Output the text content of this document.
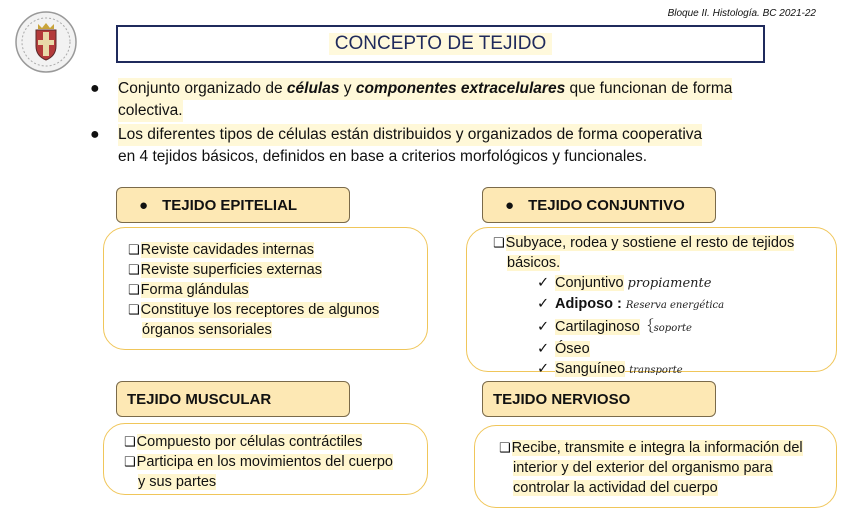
Bloque II. Histología. BC 2021-22
CONCEPTO DE TEJIDO
●	Conjunto organizado de células y componentes extracelulares que funcionan de forma
colectiva.
●	Los diferentes tipos de células están distribuidos y organizados de forma cooperativa
en 4 tejidos básicos, definidos en base a criterios morfológicos y funcionales.
● TEJIDO EPITELIAL
❑Reviste cavidades internas
❑Reviste superficies externas
❑Forma glándulas
❑Constituye los receptores de algunos
órganos sensoriales
● TEJIDO CONJUNTIVO
❑Subyace, rodea y sostiene el resto de tejidos
básicos.
✓ Conjuntivo propiamente
✓ Adiposo : Reserva energética
✓ Cartilaginoso｛soporte
✓ Óseo
✓ Sanguíneo transporte
TEJIDO MUSCULAR
❑Compuesto por células contráctiles
❑Participa en los movimientos del cuerpo
y sus partes
TEJIDO NERVIOSO
❑Recibe, transmite e integra la información del
interior y del exterior del organismo para
controlar la actividad del cuerpo
